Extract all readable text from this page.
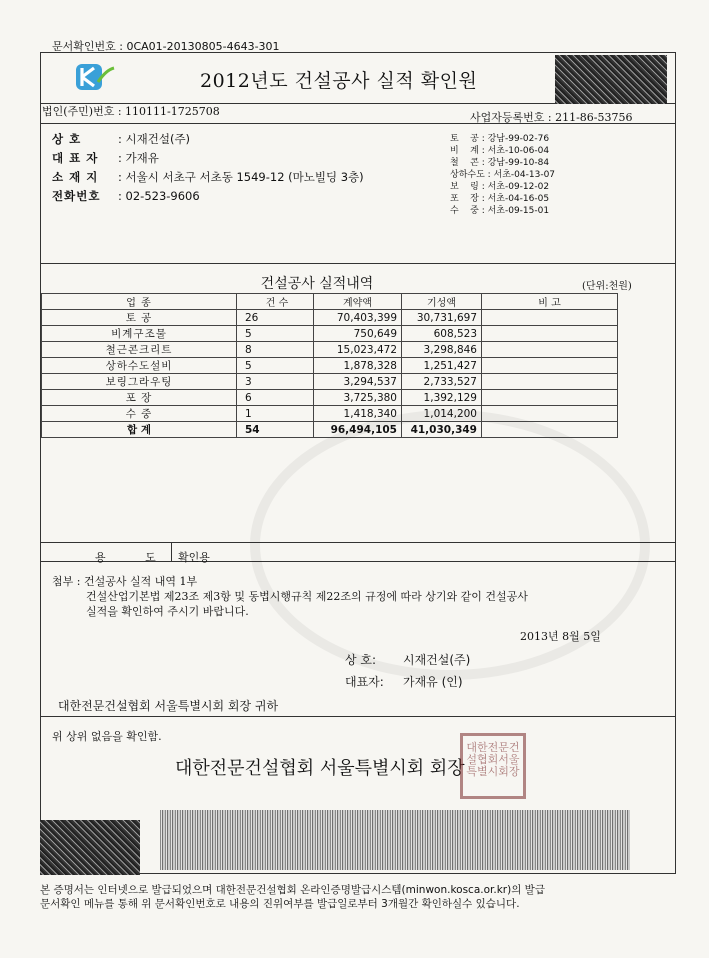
문서확인번호 : 0CA01-20130805-4643-301
2012년도 건설공사 실적 확인원
법인(주민)번호 : 110111-1725708	사업자등록번호 : 211-86-53756
상 호	: 시재건설(주)
대 표 자 : 가재유
소 재 지 : 서울시 서초구 서초동 1549-12 (마노빌딩 3층)
전화번호 : 02-523-9606
토    공 : 강남-99-02-76
비    계 : 서초-10-06-04
철    콘 : 강남-99-10-84
상하수도 : 서초-04-13-07
보    링 : 서초-09-12-02
포    장 : 서초-04-16-05
수    중 : 서초-09-15-01
건설공사 실적내역	(단위:천원)
업 종	건 수	계약액	기성액	비 고
토 공	26	70,403,399	30,731,697	
비계구조물	5	750,649	608,523	
철근콘크리트	8	15,023,472	3,298,846	
상하수도설비	5	1,878,328	1,251,427	
보링그라우팅	3	3,294,537	2,733,527	
포 장	6	3,725,380	1,392,129	
수 중	1	1,418,340	1,014,200	
합 계	54	96,494,105	41,030,349	
용 도 확인용
첨부 : 건설공사 실적 내역 1부
건설산업기본법 제23조 제3항 및 동법시행규칙 제22조의 규정에 따라 상기와 같이 건설공사
실적을 확인하여 주시기 바랍니다.
2013년 8월 5일
상 호: 시재건설(주)
대표자: 가재유 (인)
대한전문건설협회 서울특별시회 회장 귀하
위 상위 없음을 확인함.
대한전문건설협회 서울특별시회 회장
대한전문건설협회서울특별시회장
본 증명서는 인터넷으로 발급되었으며 대한전문건설협회 온라인증명발급시스템(minwon.kosca.or.kr)의 발급
문서확인 메뉴를 통해 위 문서확인번호로 내용의 진위여부를 발급일로부터 3개월간 확인하실수 있습니다.
